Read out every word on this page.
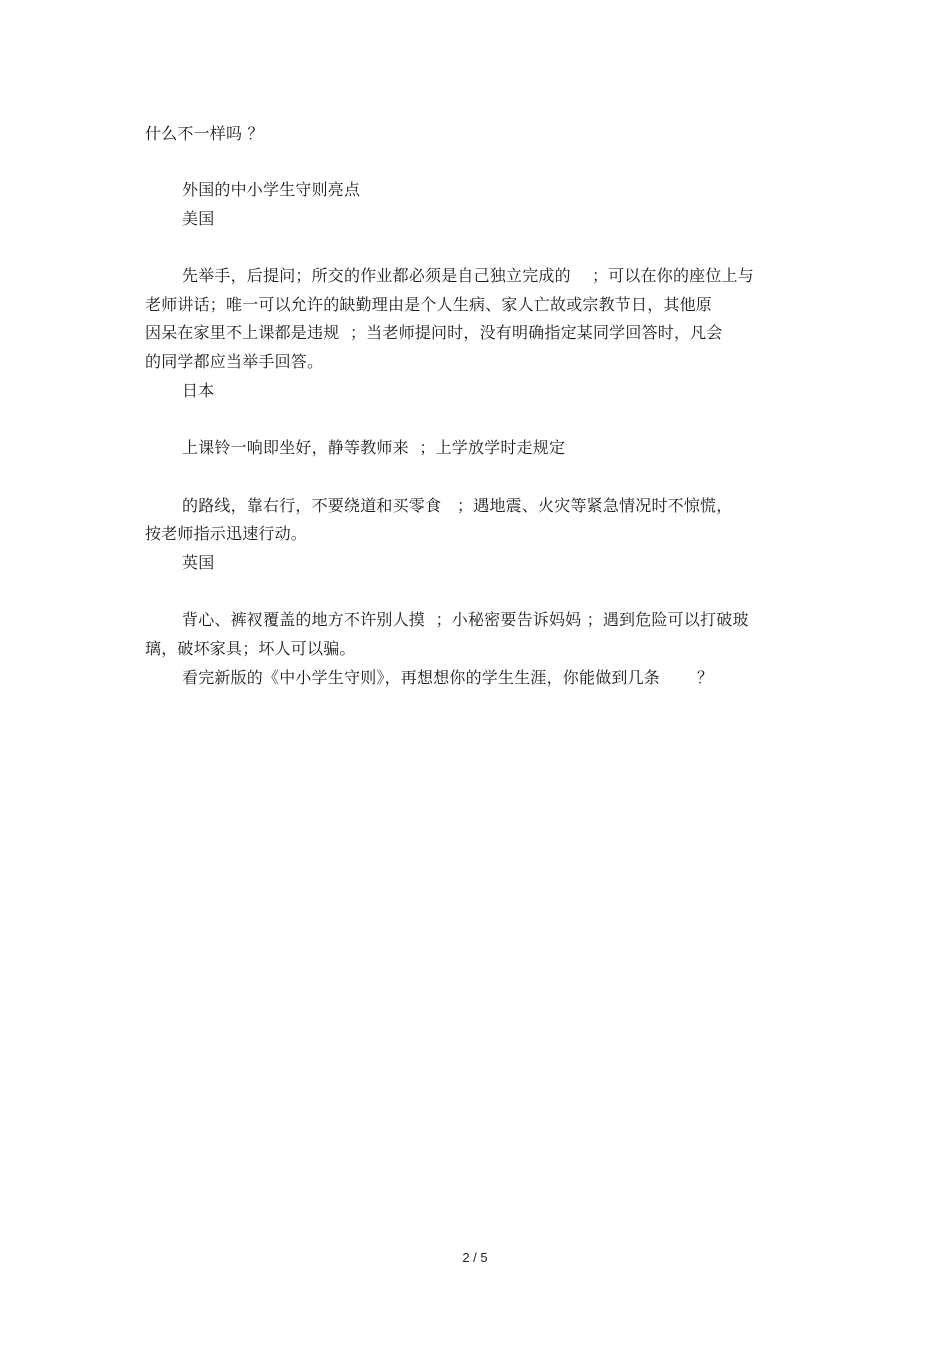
什么不一样吗 ？
外国的中小学生守则亮点
美国
先举手，后提问；所交的作业都必须是自己独立完成的    ；可以在你的座位上与
老师讲话；唯一可以允许的缺勤理由是个人生病、家人亡故或宗教节日，其他原
因呆在家里不上课都是违规  ；当老师提问时，没有明确指定某同学回答时，凡会
的同学都应当举手回答。
日本
上课铃一响即坐好，静等教师来  ；上学放学时走规定
的路线，靠右行，不要绕道和买零食   ；遇地震、火灾等紧急情况时不惊慌，
按老师指示迅速行动。
英国
背心、裤衩覆盖的地方不许别人摸  ；小秘密要告诉妈妈 ；遇到危险可以打破玻
璃，破坏家具；坏人可以骗。
看完新版的《中小学生守则》，再想想你的学生生涯，你能做到几条       ？
2 / 5
